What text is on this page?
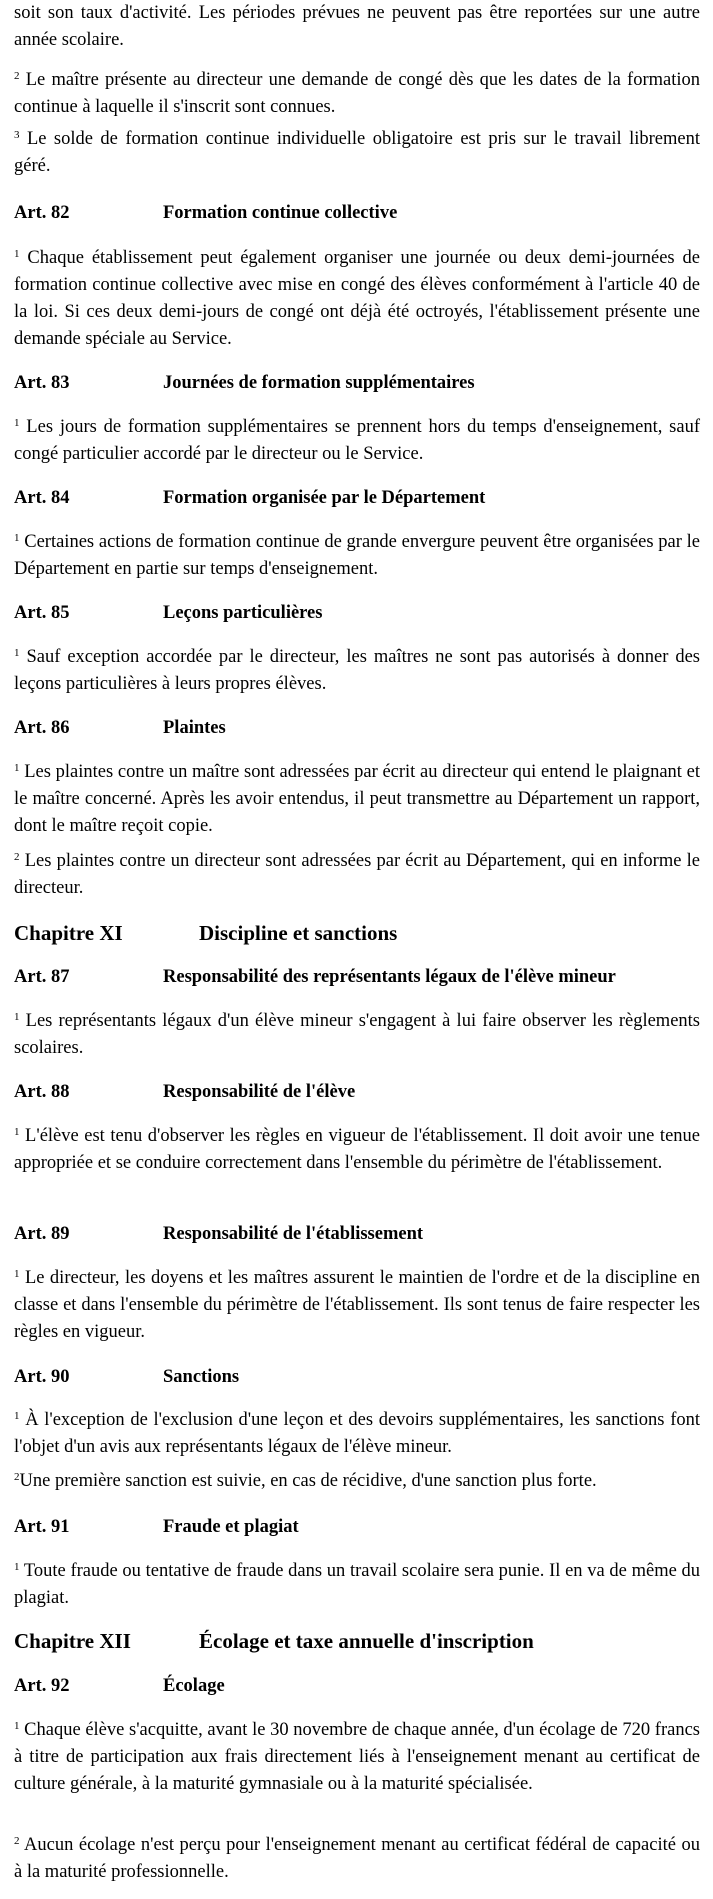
soit son taux d'activité. Les périodes prévues ne peuvent pas être reportées sur une autre année scolaire.

$^2$ Le maître présente au directeur une demande de congé dès que les dates de la formation continue à laquelle il s'inscrit sont connues.

$^3$ Le solde de formation continue individuelle obligatoire est pris sur le travail librement géré.

Art. 82	Formation continue collective

$^1$ Chaque établissement peut également organiser une journée ou deux demi-journées de formation continue collective avec mise en congé des élèves conformément à l'article 40 de la loi. Si ces deux demi-jours de congé ont déjà été octroyés, l'établissement présente une demande spéciale au Service.

Art. 83	Journées de formation supplémentaires

$^1$ Les jours de formation supplémentaires se prennent hors du temps d'enseignement, sauf congé particulier accordé par le directeur ou le Service.

Art. 84	Formation organisée par le Département

$^1$ Certaines actions de formation continue de grande envergure peuvent être organisées par le Département en partie sur temps d'enseignement.

Art. 85	Leçons particulières

$^1$ Sauf exception accordée par le directeur, les maîtres ne sont pas autorisés à donner des leçons particulières à leurs propres élèves.

Art. 86	Plaintes

$^1$ Les plaintes contre un maître sont adressées par écrit au directeur qui entend le plaignant et le maître concerné. Après les avoir entendus, il peut transmettre au Département un rapport, dont le maître reçoit copie.

$^2$ Les plaintes contre un directeur sont adressées par écrit au Département, qui en informe le directeur.

Chapitre XI	Discipline et sanctions
Art. 87	Responsabilité des représentants légaux de l'élève mineur

$^1$ Les représentants légaux d'un élève mineur s'engagent à lui faire observer les règlements scolaires.

Art. 88	Responsabilité de l'élève

$^1$ L'élève est tenu d'observer les règles en vigueur de l'établissement. Il doit avoir une tenue appropriée et se conduire correctement dans l'ensemble du périmètre de l'établissement.

Art. 89	Responsabilité de l'établissement

$^1$ Le directeur, les doyens et les maîtres assurent le maintien de l'ordre et de la discipline en classe et dans l'ensemble du périmètre de l'établissement. Ils sont tenus de faire respecter les règles en vigueur.

Art. 90	Sanctions

$^1$ À l'exception de l'exclusion d'une leçon et des devoirs supplémentaires, les sanctions font l'objet d'un avis aux représentants légaux de l'élève mineur.

$^2$Une première sanction est suivie, en cas de récidive, d'une sanction plus forte.

Art. 91	Fraude et plagiat

$^1$ Toute fraude ou tentative de fraude dans un travail scolaire sera punie. Il en va de même du plagiat.

Chapitre XII	Écolage et taxe annuelle d'inscription
Art. 92	Écolage

$^1$ Chaque élève s'acquitte, avant le 30 novembre de chaque année, d'un écolage de 720 francs à titre de participation aux frais directement liés à l'enseignement menant au certificat de culture générale, à la maturité gymnasiale ou à la maturité spécialisée.

$^2$ Aucun écolage n'est perçu pour l'enseignement menant au certificat fédéral de capacité ou à la maturité professionnelle.
